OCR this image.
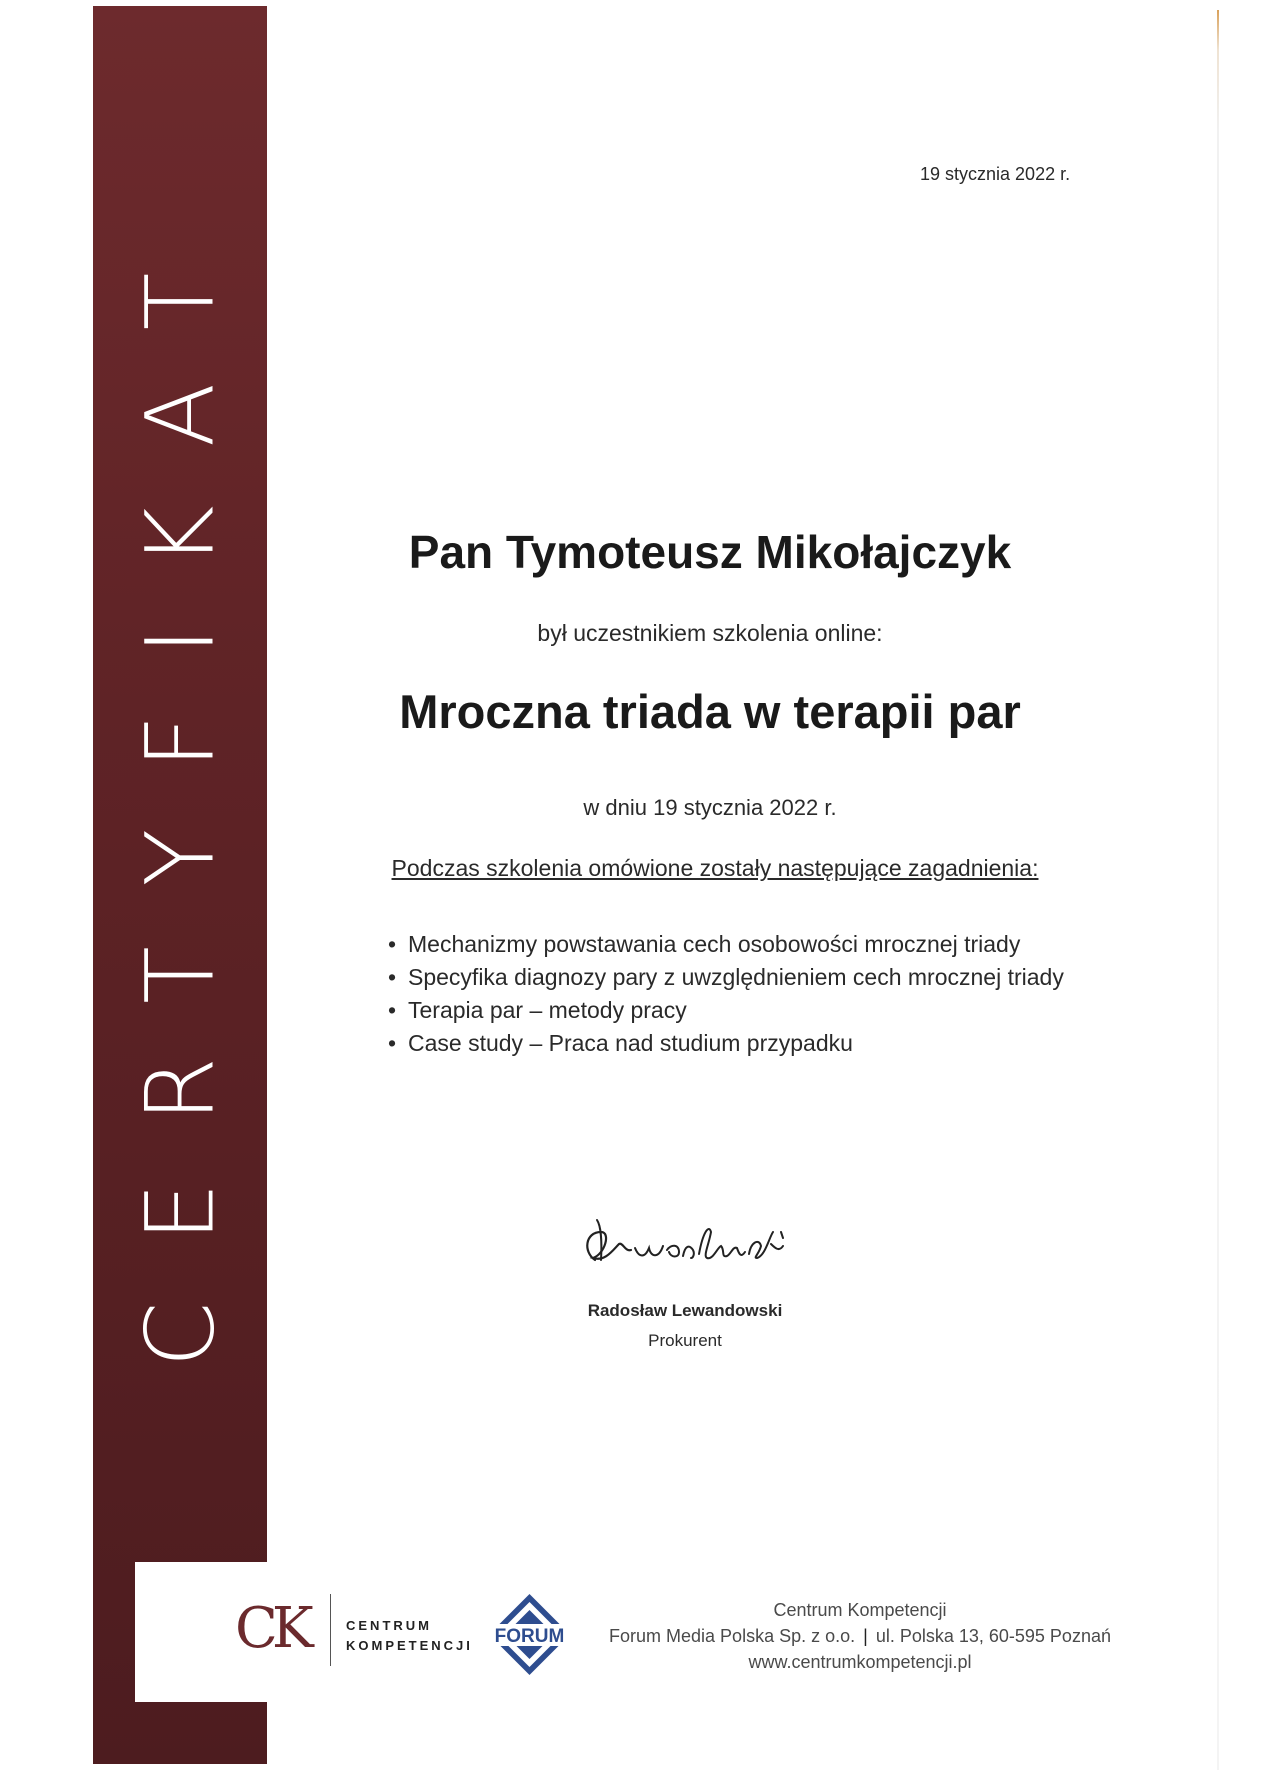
CERTYFIKAT
19 stycznia 2022 r.
Pan Tymoteusz Mikołajczyk
był uczestnikiem szkolenia online:
Mroczna triada w terapii par
w dniu 19 stycznia 2022 r.
Podczas szkolenia omówione zostały następujące zagadnienia:
• Mechanizmy powstawania cech osobowości mrocznej triady
• Specyfika diagnozy pary z uwzględnieniem cech mrocznej triady
• Terapia par – metody pracy
• Case study – Praca nad studium przypadku
Radosław Lewandowski
Prokurent
CK	CENTRUM
KOMPETENCJI FORUM
Centrum Kompetencji
Forum Media Polska Sp. z o.o. | ul. Polska 13, 60-595 Poznań
www.centrumkompetencji.pl
